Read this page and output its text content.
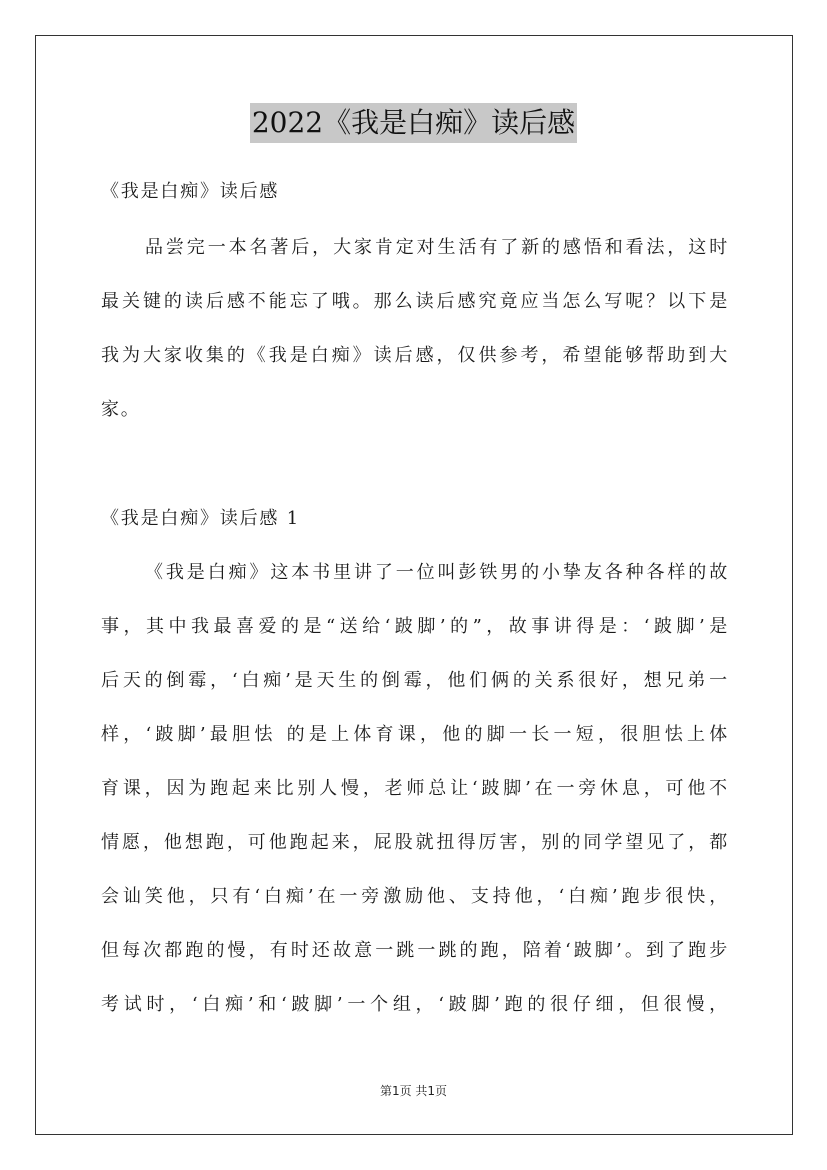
2022《我是白痴》读后感
《我是白痴》读后感
品尝完一本名著后，大家肯定对生活有了新的感悟和看法，这时
最关键的读后感不能忘了哦。那么读后感究竟应当怎么写呢？以下是
我为大家收集的《我是白痴》读后感，仅供参考，希望能够帮助到大
家。
《我是白痴》读后感 1
《我是白痴》这本书里讲了一位叫彭铁男的小挚友各种各样的故
事，其中我最喜爱的是“送给‘跛脚’的”，故事讲得是：‘跛脚’是
后天的倒霉，‘白痴’是天生的倒霉，他们俩的关系很好，想兄弟一
样，‘跛脚’最胆怯 的是上体育课，他的脚一长一短，很胆怯上体
育课，因为跑起来比别人慢，老师总让‘跛脚’在一旁休息，可他不
情愿，他想跑，可他跑起来，屁股就扭得厉害，别的同学望见了，都
会讪笑他，只有‘白痴’在一旁激励他、支持他，‘白痴’跑步很快，
但每次都跑的慢，有时还故意一跳一跳的跑，陪着‘跛脚’。到了跑步
考试时，‘白痴’和‘跛脚’一个组，‘跛脚’跑的很仔细，但很慢，
第1页 共1页
